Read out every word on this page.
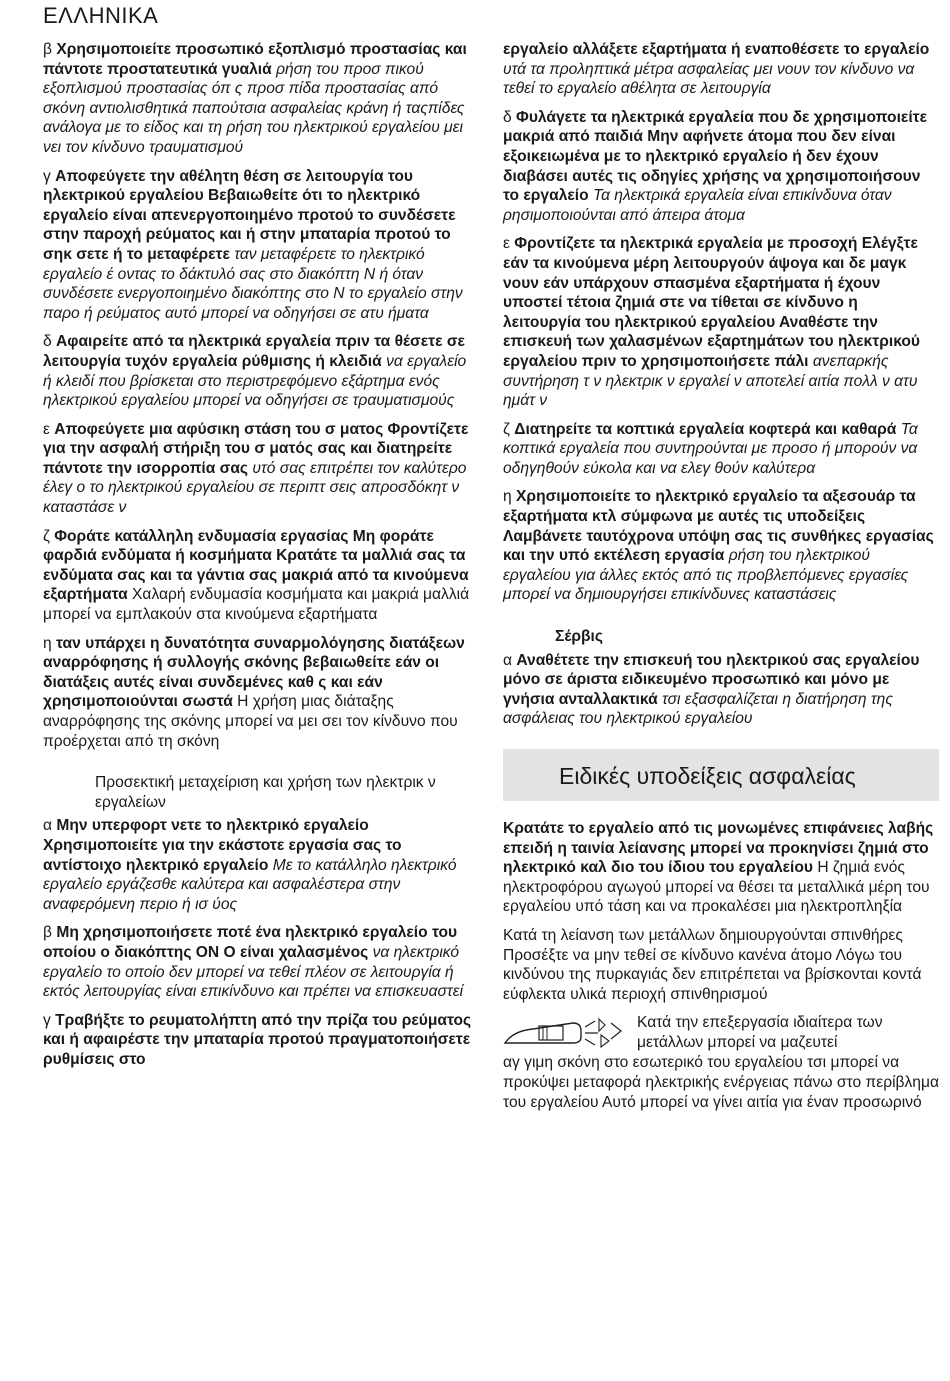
ΕΛΛΗΝΙΚΑ

β Χρησιμοποιείτε προσωπικό εξοπλισμό προστασίας και πάντοτε προστατευτικά γυαλιά ρήση του προσ πικού εξοπλισμού προστασίας όπ ς προσ πίδα προστασίας από σκόνη αντιολισθητικά παπούτσια ασφαλείας κράνη ή ταςπίδες ανάλογα με το είδος και τη ρήση του ηλεκτρικού εργαλείου μει νει τον κίνδυνο τραυματισμού

γ Αποφεύγετε την αθέλητη θέση σε λειτουργία του ηλεκτρικού εργαλείου Βεβαιωθείτε ότι το ηλεκτρικό εργαλείο είναι απενεργοποιημένο προτού το συνδέσετε στην παροχή ρεύματος και ή στην μπαταρία προτού το σηκ σετε ή το μεταφέρετε ταν μεταφέρετε το ηλεκτρικό εργαλείο έ οντας το δάκτυλό σας στο διακόπτη N ή όταν συνδέσετε ενεργοποιημένο διακόπτης στο N το εργαλείο στην παρο ή ρεύματος αυτό μπορεί να οδηγήσει σε ατυ ήματα

δ Αφαιρείτε από τα ηλεκτρικά εργαλεία πριν τα θέσετε σε λειτουργία τυχόν εργαλεία ρύθμισης ή κλειδιά να εργαλείο ή κλειδί που βρίσκεται στο περιστρεφόμενο εξάρτημα ενός ηλεκτρικού εργαλείου μπορεί να οδηγήσει σε τραυματισμούς

ε Αποφεύγετε μια αφύσικη στάση του σ ματος Φροντίζετε για την ασφαλή στήριξη του σ ματός σας και διατηρείτε πάντοτε την ισορροπία σας υτό σας επιτρέπει τον καλύτερο έλεγ ο το ηλεκτρικού εργαλείου σε περιπτ σεις απροσδόκητ ν καταστάσε ν

ζ Φοράτε κατάλληλη ενδυμασία εργασίας Μη φοράτε φαρδιά ενδύματα ή κοσμήματα Κρατάτε τα μαλλιά σας τα ενδύματα σας και τα γάντια σας μακριά από τα κινούμενα εξαρτήματα Χαλαρή ενδυμασία κοσμήματα και μακριά μαλλιά μπορεί να εμπλακούν στα κινούμενα εξαρτήματα

η ταν υπάρχει η δυνατότητα συναρμολόγησης διατάξεων αναρρόφησης ή συλλογής σκόνης βεβαιωθείτε εάν οι διατάξεις αυτές είναι συνδεμένες καθ ς και εάν χρησιμοποιούνται σωστά Η χρήση μιας διάταξης αναρρόφησης της σκόνης μπορεί να μει σει τον κίνδυνο που προέρχεται από τη σκόνη

Προσεκτική μεταχείριση και χρήση των ηλεκτρικ ν εργαλείων

α Μην υπερφορτ νετε το ηλεκτρικό εργαλείο Χρησιμοποιείτε για την εκάστοτε εργασία σας το αντίστοιχο ηλεκτρικό εργαλείο Με το κατάλληλο ηλεκτρικό εργαλείο εργάζεσθε καλύτερα και ασφαλέστερα στην αναφερόμενη περιο ή ισ ύος

β Μη χρησιμοποιήσετε ποτέ ένα ηλεκτρικό εργαλείο του οποίου ο διακόπτης ON O είναι χαλασμένος να ηλεκτρικό εργαλείο το οποίο δεν μπορεί να τεθεί πλέον σε λειτουργία ή εκτός λειτουργίας είναι επικίνδυνο και πρέπει να επισκευαστεί

γ Τραβήξτε το ρευματολήπτη από την πρίζα του ρεύματος και ή αφαιρέστε την μπαταρία προτού πραγματοποιήσετε ρυθμίσεις στο

εργαλείο αλλάξετε εξαρτήματα ή εναποθέσετε το εργαλείο υτά τα προληπτικά μέτρα ασφαλείας μει νουν τον κίνδυνο να τεθεί το εργαλείο αθέλητα σε λειτουργία

δ Φυλάγετε τα ηλεκτρικά εργαλεία που δε χρησιμοποιείτε μακριά από παιδιά Μην αφήνετε άτομα που δεν είναι εξοικειωμένα με το ηλεκτρικό εργαλείο ή δεν έχουν διαβάσει αυτές τις οδηγίες χρήσης να χρησιμοποιήσουν το εργαλείο Τα ηλεκτρικά εργαλεία είναι επικίνδυνα όταν ρησιμοποιούνται από άπειρα άτομα

ε Φροντίζετε τα ηλεκτρικά εργαλεία με προσοχή Ελέγξτε εάν τα κινούμενα μέρη λειτουργούν άψογα και δε μαγκ νουν εάν υπάρχουν σπασμένα εξαρτήματα ή έχουν υποστεί τέτοια ζημιά στε να τίθεται σε κίνδυνο η λειτουργία του ηλεκτρικού εργαλείου Αναθέστε την επισκευή των χαλασμένων εξαρτημάτων του ηλεκτρικού εργαλείου πριν το χρησιμοποιήσετε πάλι ανεπαρκής συντήρηση τ ν ηλεκτρικ ν εργαλεί ν αποτελεί αιτία πολλ ν ατυ ημάτ ν

ζ Διατηρείτε τα κοπτικά εργαλεία κοφτερά και καθαρά Τα κοπτικά εργαλεία που συντηρούνται με προσο ή μπορούν να οδηγηθούν εύκολα και να ελεγ θούν καλύτερα

η Χρησιμοποιείτε το ηλεκτρικό εργαλείο τα αξεσουάρ τα εξαρτήματα κτλ σύμφωνα με αυτές τις υποδείξεις Λαμβάνετε ταυτόχρονα υπόψη σας τις συνθήκες εργασίας και την υπό εκτέλεση εργασία ρήση του ηλεκτρικού εργαλείου για άλλες εκτός από τις προβλεπόμενες εργασίες μπορεί να δημιουργήσει επικίνδυνες καταστάσεις

Σέρβις

α Αναθέτετε την επισκευή του ηλεκτρικού σας εργαλείου μόνο σε άριστα ειδικευμένο προσωπικό και μόνο με γνήσια ανταλλακτικά τσι εξασφαλίζεται η διατήρηση της ασφάλειας του ηλεκτρικού εργαλείου

Ειδικές υποδείξεις ασφαλείας

Κρατάτε το εργαλείο από τις μονωμένες επιφάνειες λαβής επειδή η ταινία λείανσης μπορεί να προκηνίσει ζημιά στο ηλεκτρικό καλ διο του ίδιου του εργαλείου Η ζημιά ενός ηλεκτροφόρου αγωγού μπορεί να θέσει τα μεταλλικά μέρη του εργαλείου υπό τάση και να προκαλέσει μια ηλεκτροπληξία

Κατά τη λείανση των μετάλλων δημιουργούνται σπινθήρες Προσέξτε να μην τεθεί σε κίνδυνο κανένα άτομο Λόγω του κινδύνου της πυρκαγιάς δεν επιτρέπεται να βρίσκονται κοντά εύφλεκτα υλικά περιοχή σπινθηρισμού

Κατά την επεξεργασία ιδιαίτερα των μετάλλων μπορεί να μαζευτεί

αγ γιμη σκόνη στο εσωτερικό του εργαλείου τσι μπορεί να προκύψει μεταφορά ηλεκτρικής ενέργειας πάνω στο περίβλημα του εργαλείου Αυτό μπορεί να γίνει αιτία για έναν προσωρινό
